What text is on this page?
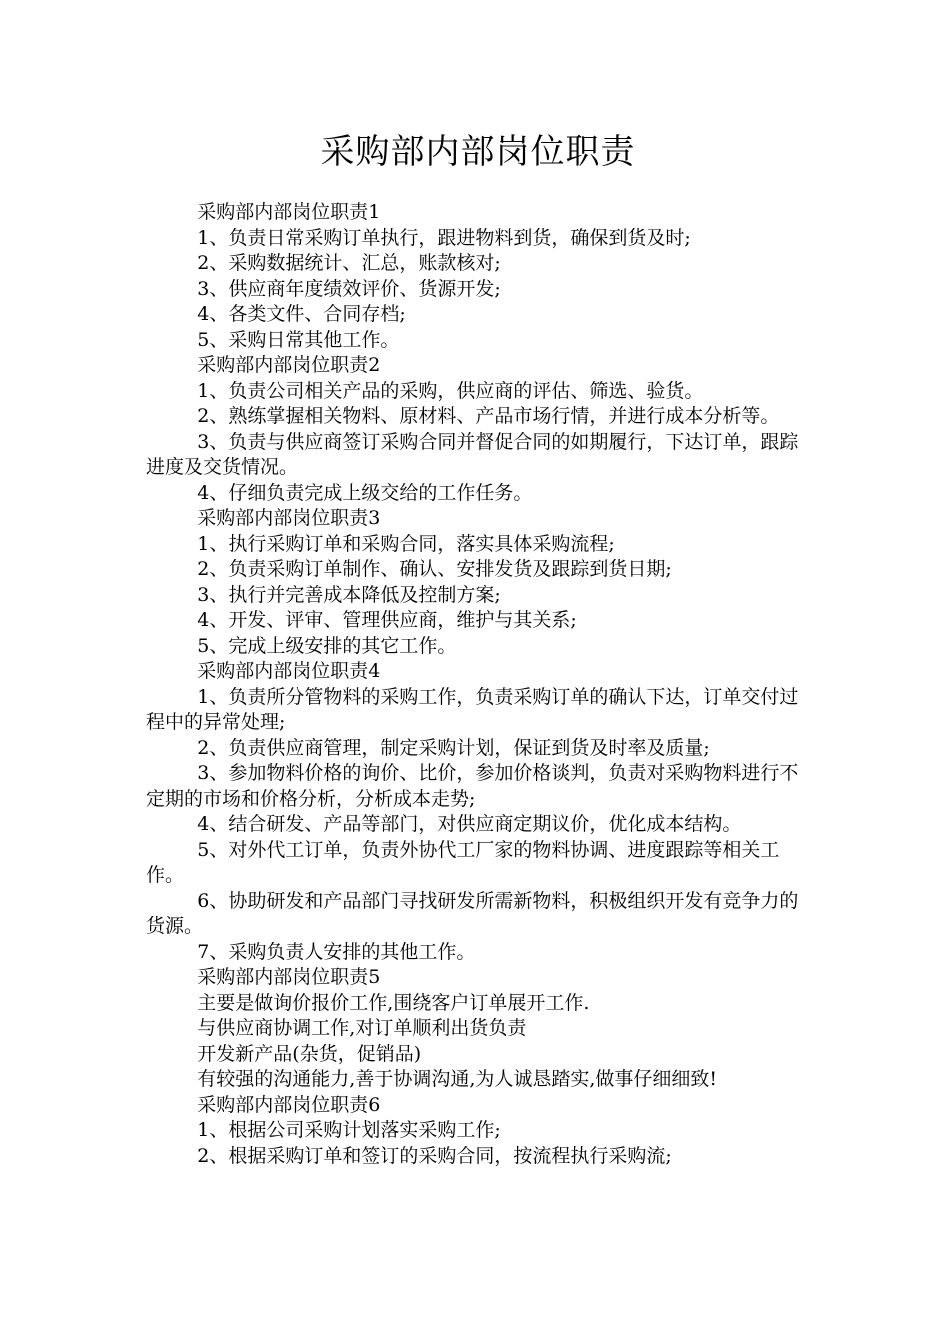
采购部内部岗位职责

采购部内部岗位职责1

1、负责日常采购订单执行，跟进物料到货，确保到货及时;

2、采购数据统计、汇总，账款核对;

3、供应商年度绩效评价、货源开发;

4、各类文件、合同存档;

5、采购日常其他工作。

采购部内部岗位职责2

1、负责公司相关产品的采购，供应商的评估、筛选、验货。

2、熟练掌握相关物料、原材料、产品市场行情，并进行成本分析等。

3、负责与供应商签订采购合同并督促合同的如期履行，下达订单，跟踪进度及交货情况。

4、仔细负责完成上级交给的工作任务。

采购部内部岗位职责3

1、执行采购订单和采购合同，落实具体采购流程;

2、负责采购订单制作、确认、安排发货及跟踪到货日期;

3、执行并完善成本降低及控制方案;

4、开发、评审、管理供应商，维护与其关系;

5、完成上级安排的其它工作。

采购部内部岗位职责4

1、负责所分管物料的采购工作，负责采购订单的确认下达，订单交付过程中的异常处理;

2、负责供应商管理，制定采购计划，保证到货及时率及质量;

3、参加物料价格的询价、比价，参加价格谈判，负责对采购物料进行不定期的市场和价格分析，分析成本走势;

4、结合研发、产品等部门，对供应商定期议价，优化成本结构。

5、对外代工订单，负责外协代工厂家的物料协调、进度跟踪等相关工作。

6、协助研发和产品部门寻找研发所需新物料，积极组织开发有竞争力的货源。

7、采购负责人安排的其他工作。

采购部内部岗位职责5

主要是做询价报价工作,围绕客户订单展开工作.

与供应商协调工作,对订单顺利出货负责

开发新产品(杂货，促销品)

有较强的沟通能力,善于协调沟通,为人诚恳踏实,做事仔细细致!

采购部内部岗位职责6

1、根据公司采购计划落实采购工作;

2、根据采购订单和签订的采购合同，按流程执行采购流;
